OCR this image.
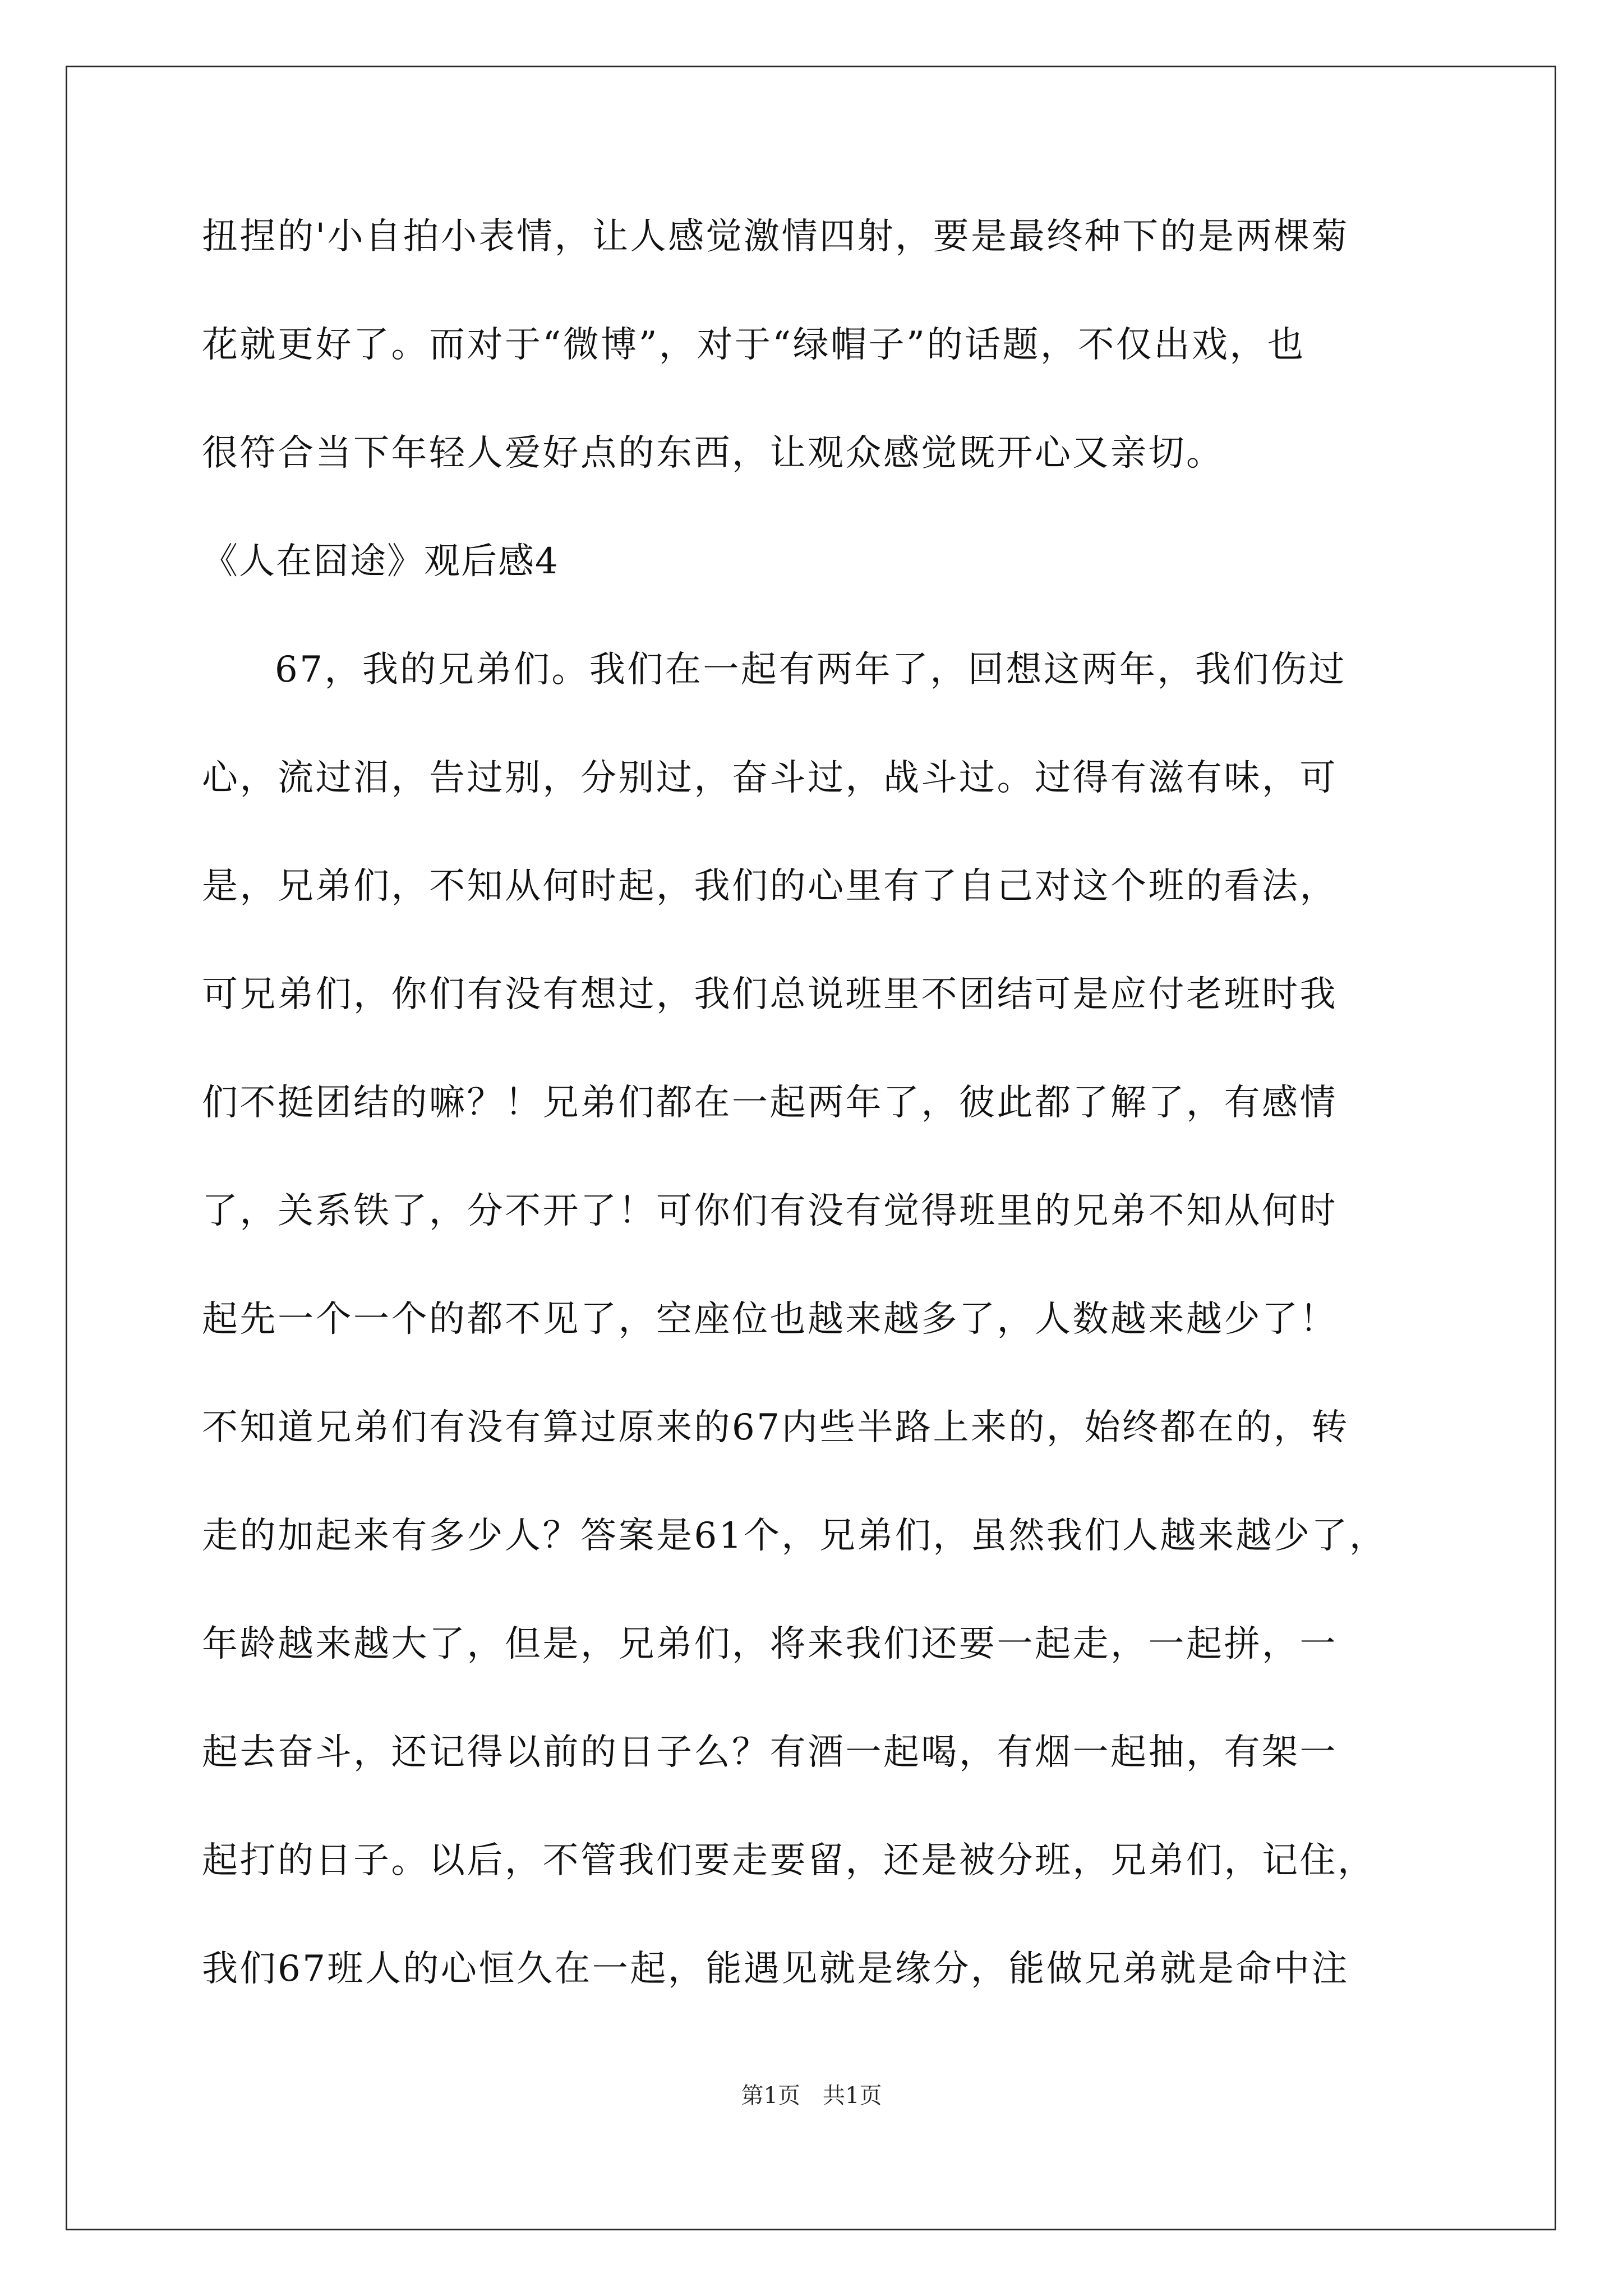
扭捏的'小自拍小表情，让人感觉激情四射，要是最终种下的是两棵菊
花就更好了。而对于“微博”，对于“绿帽子”的话题，不仅出戏，也
很符合当下年轻人爱好点的东西，让观众感觉既开心又亲切。
《人在囧途》观后感4
67，我的兄弟们。我们在一起有两年了，回想这两年，我们伤过
心，流过泪，告过别，分别过，奋斗过，战斗过。过得有滋有味，可
是，兄弟们，不知从何时起，我们的心里有了自己对这个班的看法，
可兄弟们，你们有没有想过，我们总说班里不团结可是应付老班时我
们不挺团结的嘛？！兄弟们都在一起两年了，彼此都了解了，有感情
了，关系铁了，分不开了！可你们有没有觉得班里的兄弟不知从何时
起先一个一个的都不见了，空座位也越来越多了，人数越来越少了！
不知道兄弟们有没有算过原来的67内些半路上来的，始终都在的，转
走的加起来有多少人？答案是61个，兄弟们，虽然我们人越来越少了，
年龄越来越大了，但是，兄弟们，将来我们还要一起走，一起拼，一
起去奋斗，还记得以前的日子么？有酒一起喝，有烟一起抽，有架一
起打的日子。以后，不管我们要走要留，还是被分班，兄弟们，记住，
我们67班人的心恒久在一起，能遇见就是缘分，能做兄弟就是命中注
第1页 共1页
